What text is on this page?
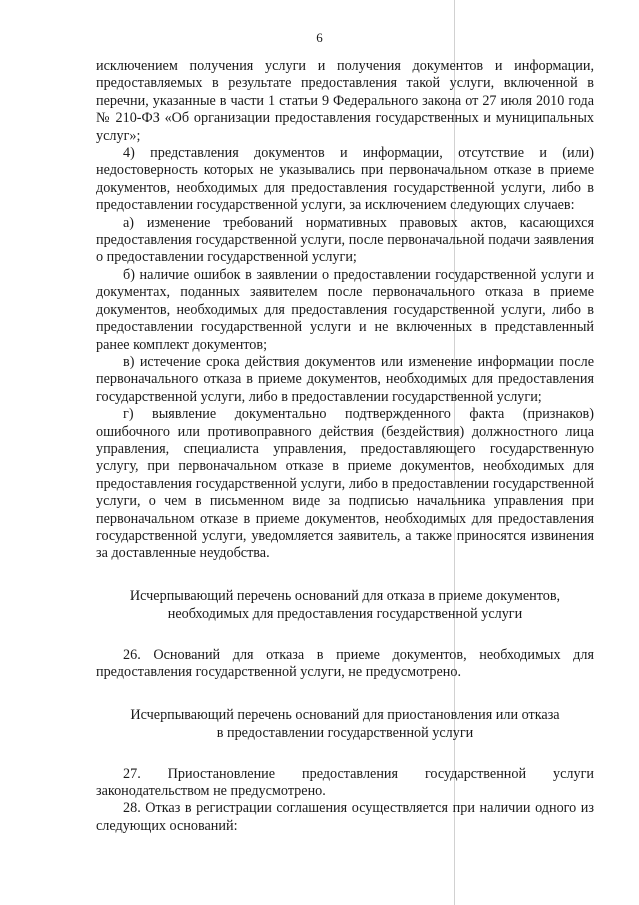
6

исключением получения услуги и получения документов и информации, предоставляемых в результате предоставления такой услуги, включенной в перечни, указанные в части 1 статьи 9 Федерального закона от 27 июля 2010 года № 210-ФЗ «Об организации предоставления государственных и муниципальных услуг»;

4) представления документов и информации, отсутствие и (или) недостоверность которых не указывались при первоначальном отказе в приеме документов, необходимых для предоставления государственной услуги, либо в предоставлении государственной услуги, за исключением следующих случаев:

а) изменение требований нормативных правовых актов, касающихся предоставления государственной услуги, после первоначальной подачи заявления о предоставлении государственной услуги;

б) наличие ошибок в заявлении о предоставлении государственной услуги и документах, поданных заявителем после первоначального отказа в приеме документов, необходимых для предоставления государственной услуги, либо в предоставлении государственной услуги и не включенных в представленный ранее комплект документов;

в) истечение срока действия документов или изменение информации после первоначального отказа в приеме документов, необходимых для предоставления государственной услуги, либо в предоставлении государственной услуги;

г) выявление документально подтвержденного факта (признаков) ошибочного или противоправного действия (бездействия) должностного лица управления, специалиста управления, предоставляющего государственную услугу, при первоначальном отказе в приеме документов, необходимых для предоставления государственной услуги, либо в предоставлении государственной услуги, о чем в письменном виде за подписью начальника управления при первоначальном отказе в приеме документов, необходимых для предоставления государственной услуги, уведомляется заявитель, а также приносятся извинения за доставленные неудобства.

Исчерпывающий перечень оснований для отказа в приеме документов,

необходимых для предоставления государственной услуги

26. Оснований для отказа в приеме документов, необходимых для предоставления государственной услуги, не предусмотрено.

Исчерпывающий перечень оснований для приостановления или отказа

в предоставлении государственной услуги

27. Приостановление предоставления государственной услуги законодательством не предусмотрено.

28. Отказ в регистрации соглашения осуществляется при наличии одного из следующих оснований:
